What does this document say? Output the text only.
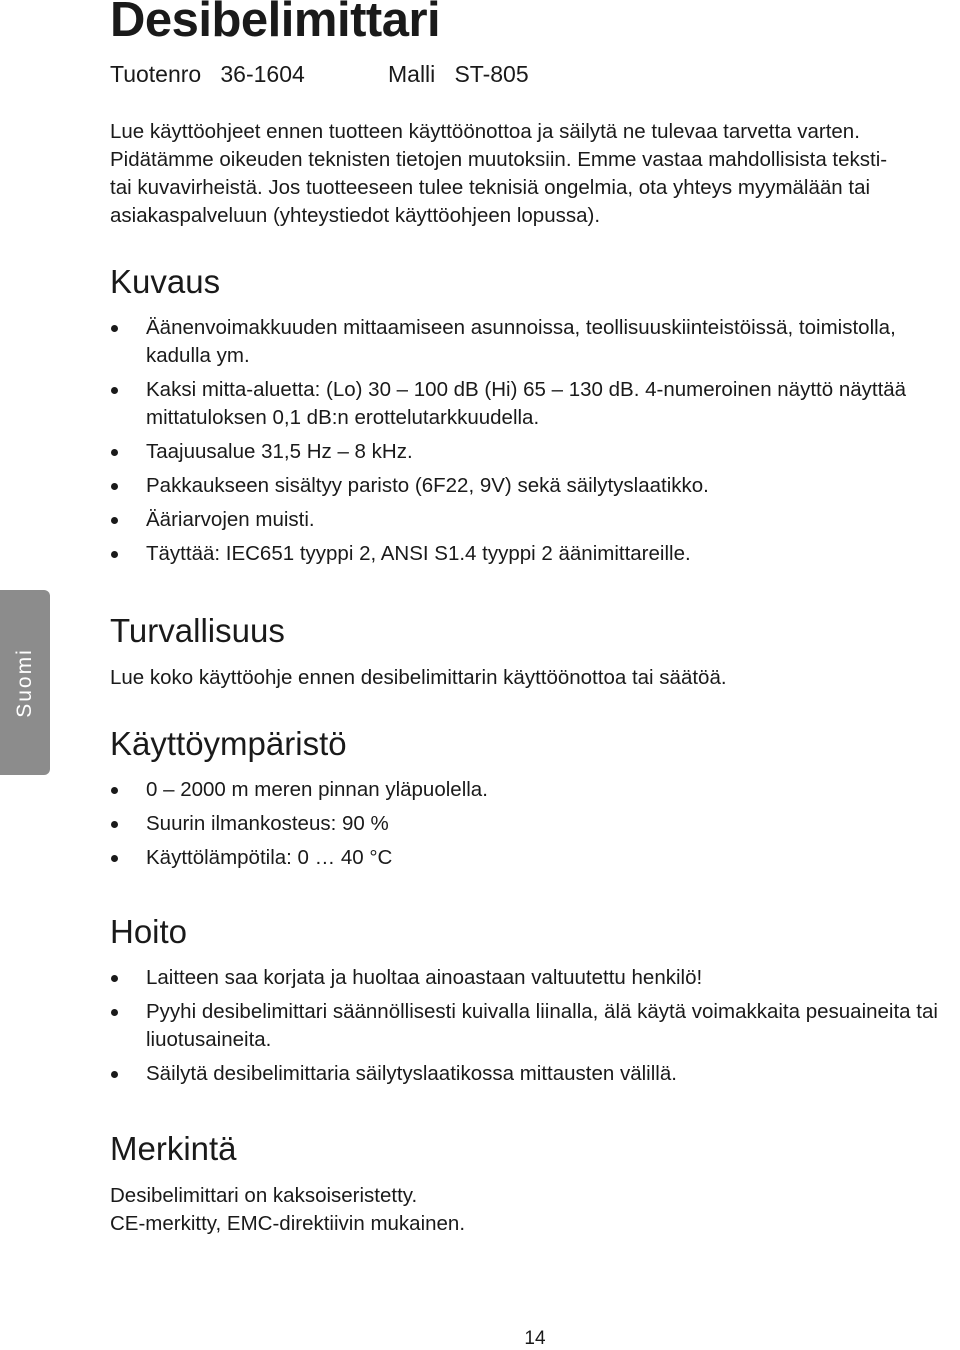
Desibelimittari
Tuotenro 36-1604	Malli ST-805
Lue käyttöohjeet ennen tuotteen käyttöönottoa ja säilytä ne tulevaa tarvetta varten.
Pidätämme oikeuden teknisten tietojen muutoksiin. Emme vastaa mahdollisista teksti-
tai kuvavirheistä. Jos tuotteeseen tulee teknisiä ongelmia, ota yhteys myymälään tai
asiakaspalveluun (yhteystiedot käyttöohjeen lopussa).
Kuvaus
Äänenvoimakkuuden mittaamiseen asunnoissa, teollisuuskiinteistöissä, toimistolla, kadulla ym.
Kaksi mitta-aluetta: (Lo) 30 – 100 dB (Hi) 65 – 130 dB. 4-numeroinen näyttö näyttää mittatuloksen 0,1 dB:n erottelutarkkuudella.
Taajuusalue 31,5 Hz – 8 kHz.
Pakkaukseen sisältyy paristo (6F22, 9V) sekä säilytyslaatikko.
Ääriarvojen muisti.
Täyttää: IEC651 tyyppi 2, ANSI S1.4 tyyppi 2 äänimittareille.
Suomi
Turvallisuus

Lue koko käyttöohje ennen desibelimittarin käyttöönottoa tai säätöä.

Käyttöympäristö
0 – 2000 m meren pinnan yläpuolella.
Suurin ilmankosteus: 90 %
Käyttölämpötila: 0 … 40 °C
Hoito
Laitteen saa korjata ja huoltaa ainoastaan valtuutettu henkilö!
Pyyhi desibelimittari säännöllisesti kuivalla liinalla, älä käytä voimakkaita pesuaineita tai liuotusaineita.
Säilytä desibelimittaria säilytyslaatikossa mittausten välillä.
Merkintä
Desibelimittari on kaksoiseristetty.
CE-merkitty, EMC-direktiivin mukainen.
14
